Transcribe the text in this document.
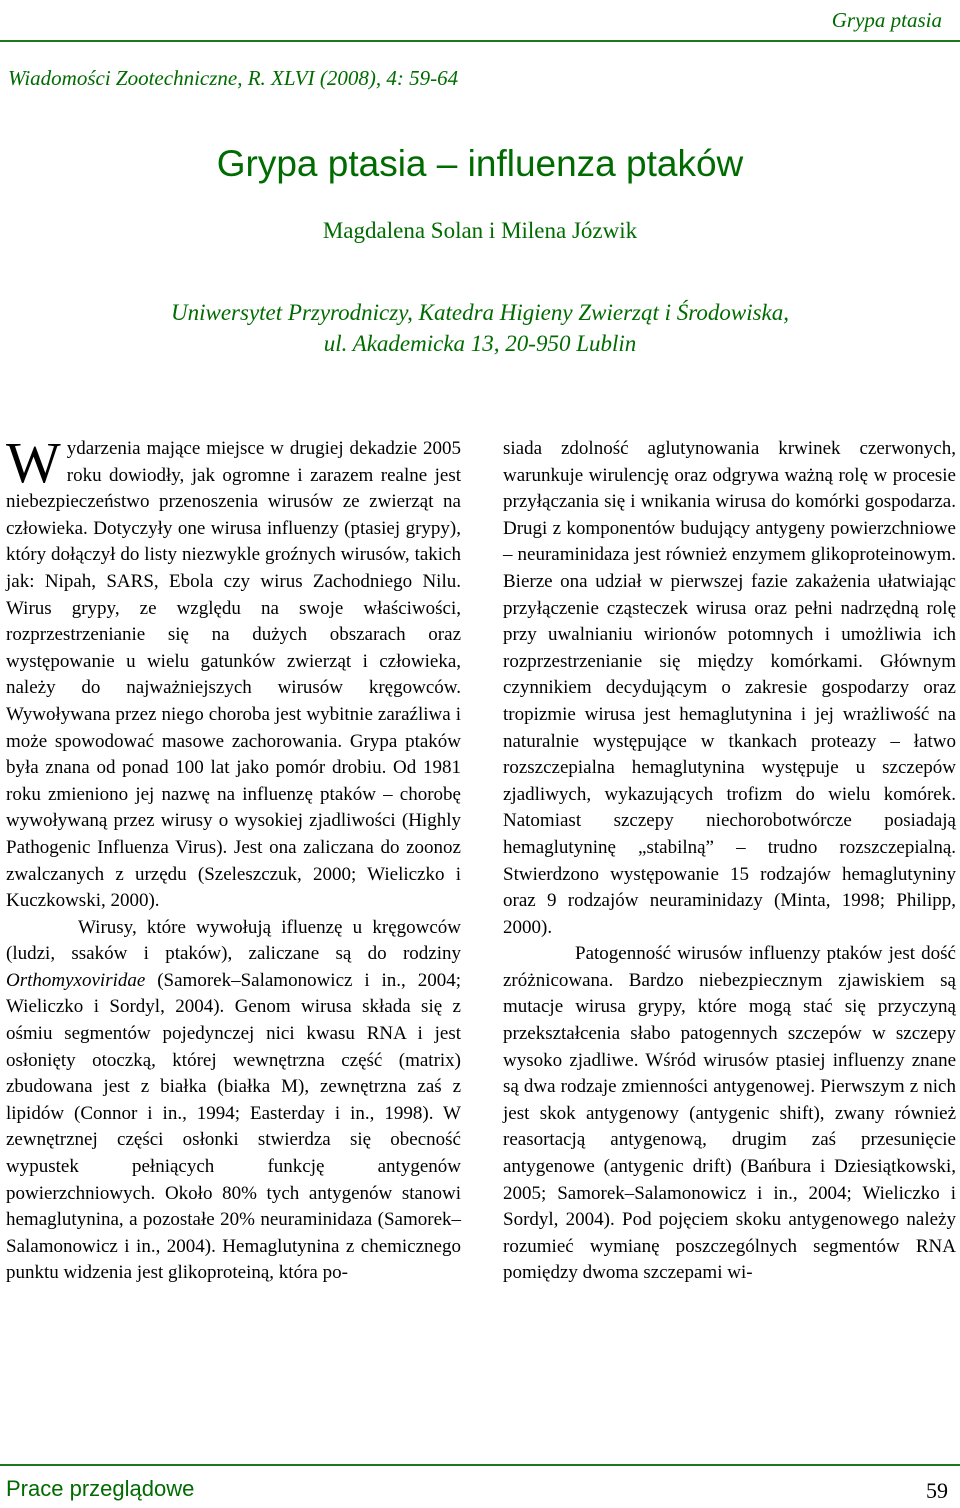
Grypa ptasia
Wiadomości Zootechniczne, R. XLVI (2008), 4: 59-64
Grypa ptasia – influenza ptaków
Magdalena Solan i Milena Józwik
Uniwersytet Przyrodniczy, Katedra Higieny Zwierząt i Środowiska,
ul. Akademicka 13, 20-950 Lublin

Wydarzenia mające miejsce w drugiej dekadzie 2005 roku dowiodły, jak ogromne i zarazem realne jest niebezpieczeństwo przenoszenia wirusów ze zwierząt na człowieka. Dotyczyły one wirusa influenzy (ptasiej grypy), który dołączył do listy niezwykle groźnych wirusów, takich jak: Nipah, SARS, Ebola czy wirus Zachodniego Nilu. Wirus grypy, ze względu na swoje właściwości, rozprzestrzenianie się na dużych obszarach oraz występowanie u wielu gatunków zwierząt i człowieka, należy do najważniejszych wirusów kręgowców. Wywoływana przez niego choroba jest wybitnie zaraźliwa i może spowodować masowe zachorowania. Grypa ptaków była znana od ponad 100 lat jako pomór drobiu. Od 1981 roku zmieniono jej nazwę na influenzę ptaków – chorobę wywoływaną przez wirusy o wysokiej zjadliwości (Highly Pathogenic Influenza Virus). Jest ona zaliczana do zoonoz zwalczanych z urzędu (Szeleszczuk, 2000; Wieliczko i Kuczkowski, 2000).

Wirusy, które wywołują ifluenzę u kręgowców (ludzi, ssaków i ptaków), zaliczane są do rodziny Orthomyxoviridae (Samorek–Salamonowicz i in., 2004; Wieliczko i Sordyl, 2004). Genom wirusa składa się z ośmiu segmentów pojedynczej nici kwasu RNA i jest osłonięty otoczką, której wewnętrzna część (matrix) zbudowana jest z białka (białka M), zewnętrzna zaś z lipidów (Connor i in., 1994; Easterday i in., 1998). W zewnętrznej części osłonki stwierdza się obecność wypustek pełniących funkcję antygenów powierzchniowych. Około 80% tych antygenów stanowi hemaglutynina, a pozostałe 20% neuraminidaza (Samorek–Salamonowicz i in., 2004). Hemaglutynina z chemicznego punktu widzenia jest glikoproteiną, która po-

siada zdolność aglutynowania krwinek czerwonych, warunkuje wirulencję oraz odgrywa ważną rolę w procesie przyłączania się i wnikania wirusa do komórki gospodarza. Drugi z komponentów budujący antygeny powierzchniowe – neuraminidaza jest również enzymem glikoproteinowym. Bierze ona udział w pierwszej fazie zakażenia ułatwiając przyłączenie cząsteczek wirusa oraz pełni nadrzędną rolę przy uwalnianiu wirionów potomnych i umożliwia ich rozprzestrzenianie się między komórkami. Głównym czynnikiem decydującym o zakresie gospodarzy oraz tropizmie wirusa jest hemaglutynina i jej wrażliwość na naturalnie występujące w tkankach proteazy – łatwo rozszczepialna hemaglutynina występuje u szczepów zjadliwych, wykazujących trofizm do wielu komórek. Natomiast szczepy niechorobotwórcze posiadają hemaglutyninę „stabilną” – trudno rozszczepialną. Stwierdzono występowanie 15 rodzajów hemaglutyniny oraz 9 rodzajów neuraminidazy (Minta, 1998; Philipp, 2000).

Patogenność wirusów influenzy ptaków jest dość zróżnicowana. Bardzo niebezpiecznym zjawiskiem są mutacje wirusa grypy, które mogą stać się przyczyną przekształcenia słabo patogennych szczepów w szczepy wysoko zjadliwe. Wśród wirusów ptasiej influenzy znane są dwa rodzaje zmienności antygenowej. Pierwszym z nich jest skok antygenowy (antygenic shift), zwany również reasortacją antygenową, drugim zaś przesunięcie antygenowe (antygenic drift) (Bańbura i Dziesiątkowski, 2005; Samorek–Salamonowicz i in., 2004; Wieliczko i Sordyl, 2004). Pod pojęciem skoku antygenowego należy rozumieć wymianę poszczególnych segmentów RNA pomiędzy dwoma szczepami wi-

Prace przeglądowe	59
